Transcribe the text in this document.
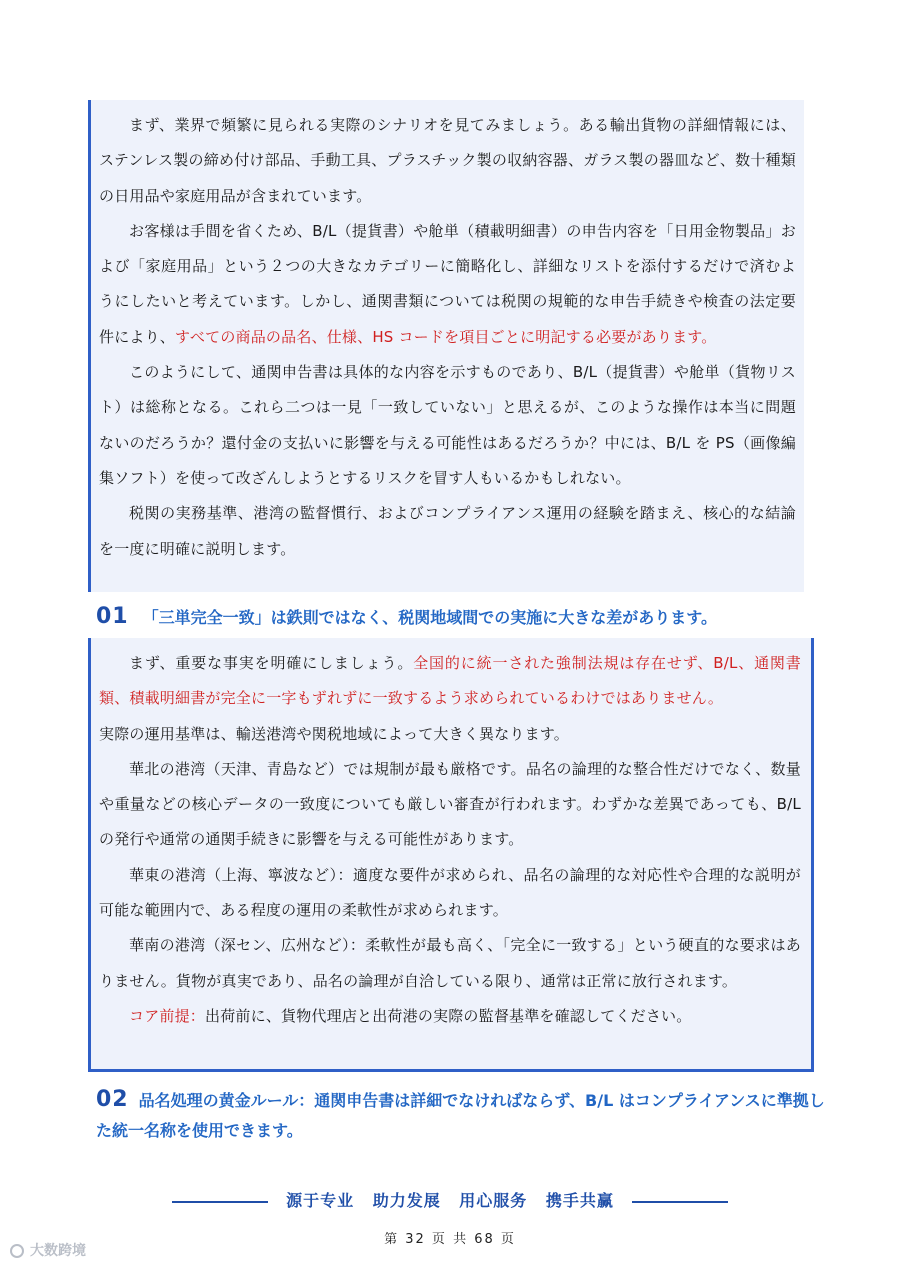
まず、業界で頻繁に見られる実際のシナリオを見てみましょう。ある輸出貨物の詳細情報には、ステンレス製の締め付け部品、手動工具、プラスチック製の収納容器、ガラス製の器皿など、数十種類の日用品や家庭用品が含まれています。

お客様は手間を省くため、B/L（提貨書）や舱単（積載明細書）の申告内容を「日用金物製品」および「家庭用品」という２つの大きなカテゴリーに簡略化し、詳細なリストを添付するだけで済むようにしたいと考えています。しかし、通関書類については税関の規範的な申告手続きや検査の法定要件により、すべての商品の品名、仕様、HS コードを項目ごとに明記する必要があります。

このようにして、通関申告書は具体的な内容を示すものであり、B/L（提貨書）や舱単（貨物リスト）は総称となる。これら二つは一見「一致していない」と思えるが、このような操作は本当に問題ないのだろうか？還付金の支払いに影響を与える可能性はあるだろうか？中には、B/L を PS（画像編集ソフト）を使って改ざんしようとするリスクを冒す人もいるかもしれない。

税関の実務基準、港湾の監督慣行、およびコンプライアンス運用の経験を踏まえ、核心的な結論を一度に明確に説明します。

01 「三単完全一致」は鉄則ではなく、税関地域間での実施に大きな差があります。

まず、重要な事実を明確にしましょう。全国的に統一された強制法規は存在せず、B/L、通関書類、積載明細書が完全に一字もずれずに一致するよう求められているわけではありません。

実際の運用基準は、輸送港湾や関税地域によって大きく異なります。

華北の港湾（天津、青島など）では規制が最も厳格です。品名の論理的な整合性だけでなく、数量や重量などの核心データの一致度についても厳しい審査が行われます。わずかな差異であっても、B/L の発行や通常の通関手続きに影響を与える可能性があります。

華東の港湾（上海、寧波など）：適度な要件が求められ、品名の論理的な対応性や合理的な説明が可能な範囲内で、ある程度の運用の柔軟性が求められます。

華南の港湾（深セン、広州など）：柔軟性が最も高く、「完全に一致する」という硬直的な要求はありません。貨物が真実であり、品名の論理が自洽している限り、通常は正常に放行されます。

コア前提：出荷前に、貨物代理店と出荷港の実際の監督基準を確認してください。

02 品名処理の黄金ルール：通関申告書は詳細でなければならず、B/L はコンプライアンスに準拠した統一名称を使用できます。
源于专业 助力发展 用心服务 携手共赢
第 32 页 共 68 页
大数跨境
